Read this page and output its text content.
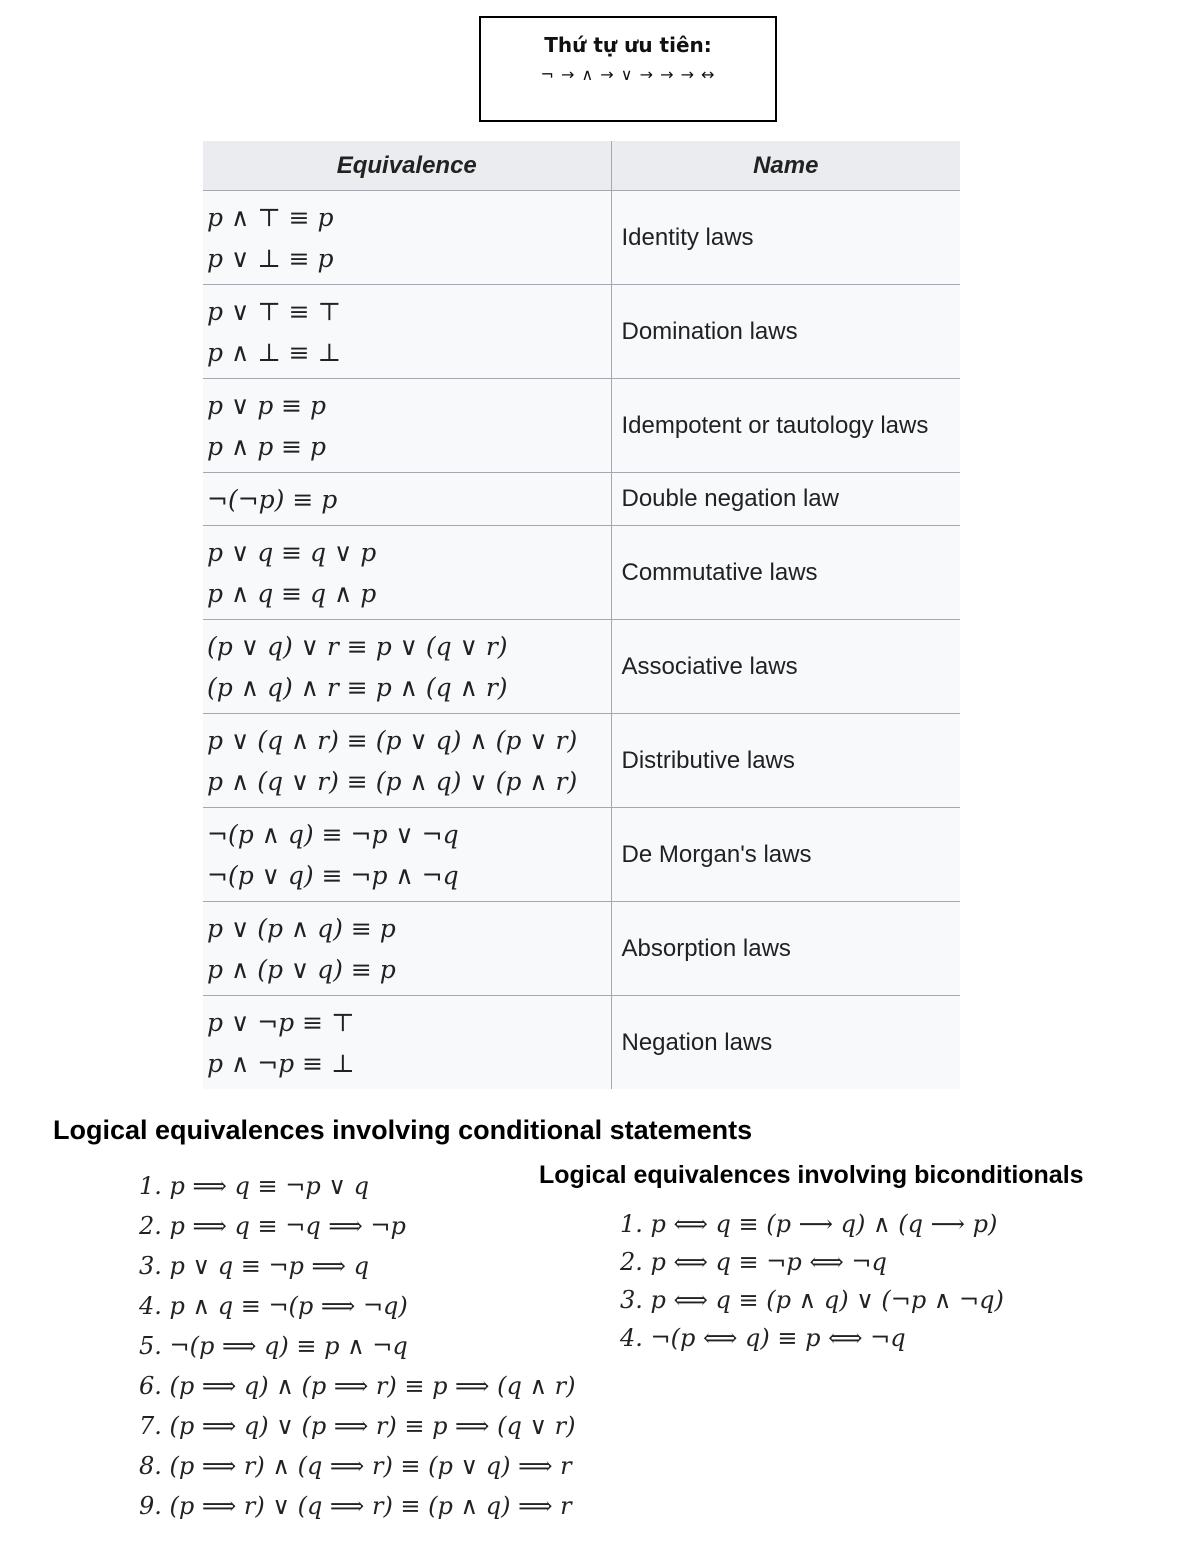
Thứ tự ưu tiên:
¬ → ∧ → ∨ → → → ↔
Equivalence	Name

p ∧ ⊤ ≡ p
p ∨ ⊥ ≡ p	Identity laws

p ∨ ⊤ ≡ ⊤
p ∧ ⊥ ≡ ⊥	Domination laws

p ∨ p ≡ p
p ∧ p ≡ p	Idempotent or tautology laws

¬(¬p) ≡ p	Double negation law

p ∨ q ≡ q ∨ p
p ∧ q ≡ q ∧ p	Commutative laws

(p ∨ q) ∨ r ≡ p ∨ (q ∨ r)
(p ∧ q) ∧ r ≡ p ∧ (q ∧ r)	Associative laws

p ∨ (q ∧ r) ≡ (p ∨ q) ∧ (p ∨ r)
p ∧ (q ∨ r) ≡ (p ∧ q) ∨ (p ∧ r)	Distributive laws

¬(p ∧ q) ≡ ¬p ∨ ¬q
¬(p ∨ q) ≡ ¬p ∧ ¬q	De Morgan's laws

p ∨ (p ∧ q) ≡ p
p ∧ (p ∨ q) ≡ p	Absorption laws

p ∨ ¬p ≡ ⊤
p ∧ ¬p ≡ ⊥	Negation laws
Logical equivalences involving conditional statements
1. p ⟹ q ≡ ¬p ∨ q
2. p ⟹ q ≡ ¬q ⟹ ¬p
3. p ∨ q ≡ ¬p ⟹ q
4. p ∧ q ≡ ¬(p ⟹ ¬q)
5. ¬(p ⟹ q) ≡ p ∧ ¬q
6. (p ⟹ q) ∧ (p ⟹ r) ≡ p ⟹ (q ∧ r)
7. (p ⟹ q) ∨ (p ⟹ r) ≡ p ⟹ (q ∨ r)
8. (p ⟹ r) ∧ (q ⟹ r) ≡ (p ∨ q) ⟹ r
9. (p ⟹ r) ∨ (q ⟹ r) ≡ (p ∧ q) ⟹ r
Logical equivalences involving biconditionals
1. p ⟺ q ≡ (p ⟶ q) ∧ (q ⟶ p)
2. p ⟺ q ≡ ¬p ⟺ ¬q
3. p ⟺ q ≡ (p ∧ q) ∨ (¬p ∧ ¬q)
4. ¬(p ⟺ q) ≡ p ⟺ ¬q
